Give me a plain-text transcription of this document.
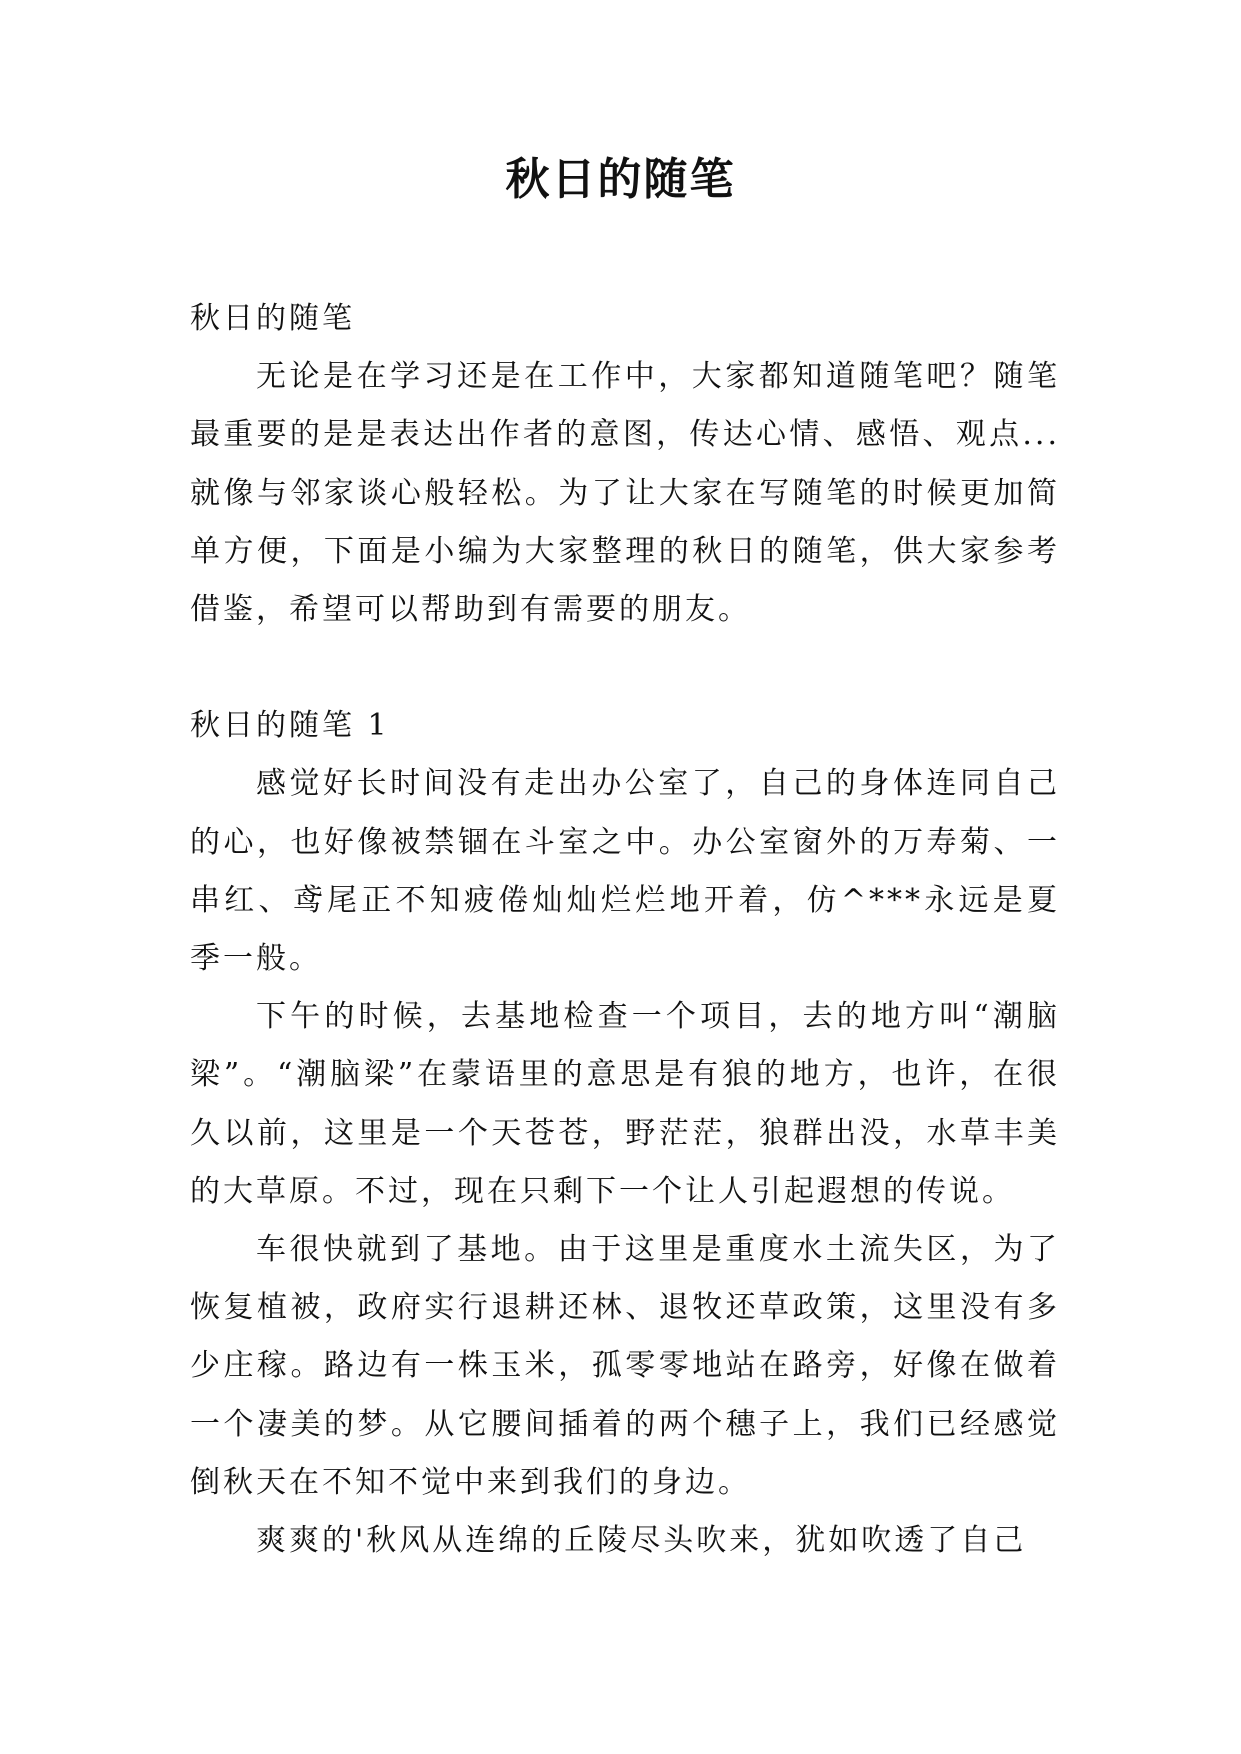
秋日的随笔

秋日的随笔

无论是在学习还是在工作中，大家都知道随笔吧？随笔最重要的是是表达出作者的意图，传达心情、感悟、观点...就像与邻家谈心般轻松。为了让大家在写随笔的时候更加简单方便，下面是小编为大家整理的秋日的随笔，供大家参考借鉴，希望可以帮助到有需要的朋友。

秋日的随笔 1

感觉好长时间没有走出办公室了，自己的身体连同自己的心，也好像被禁锢在斗室之中。办公室窗外的万寿菊、一串红、鸢尾正不知疲倦灿灿烂烂地开着，仿^***永远是夏季一般。

下午的时候，去基地检查一个项目，去的地方叫“潮脑梁”。“潮脑梁”在蒙语里的意思是有狼的地方，也许，在很久以前，这里是一个天苍苍，野茫茫，狼群出没，水草丰美的大草原。不过，现在只剩下一个让人引起遐想的传说。

车很快就到了基地。由于这里是重度水土流失区，为了恢复植被，政府实行退耕还林、退牧还草政策，这里没有多少庄稼。路边有一株玉米，孤零零地站在路旁，好像在做着一个凄美的梦。从它腰间插着的两个穗子上，我们已经感觉倒秋天在不知不觉中来到我们的身边。

爽爽的'秋风从连绵的丘陵尽头吹来，犹如吹透了自己
